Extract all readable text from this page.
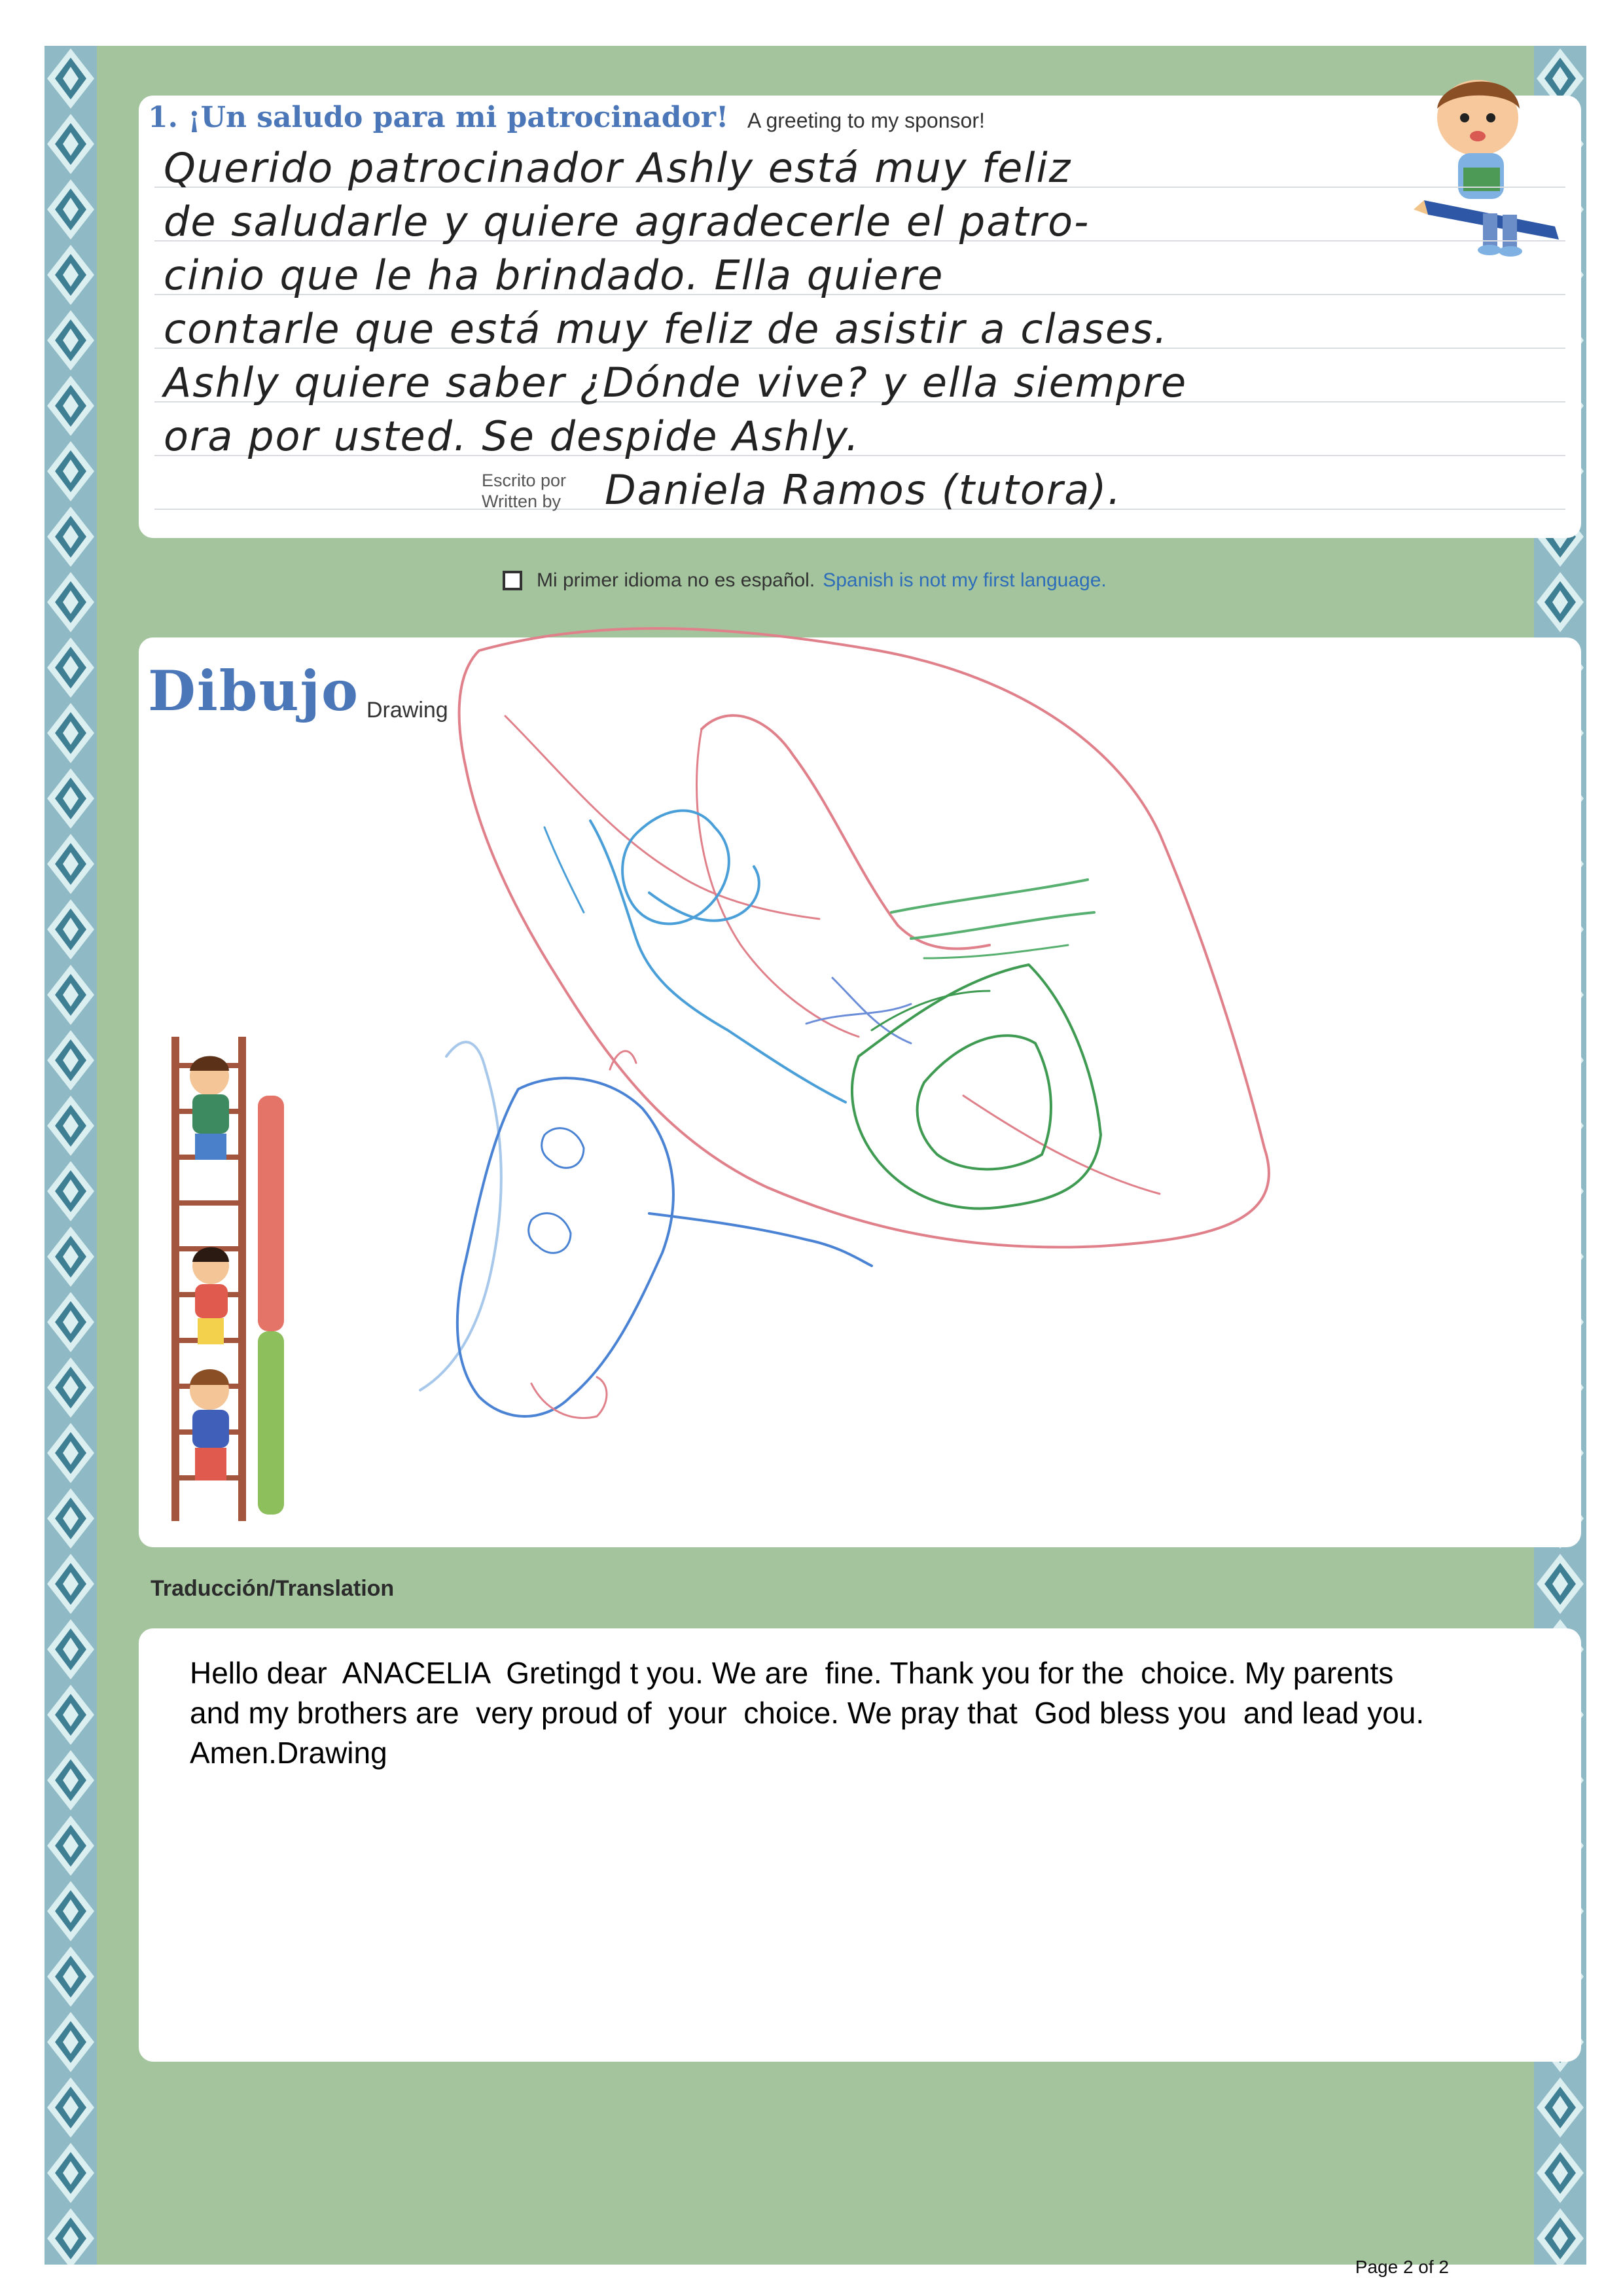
1. ¡Un saludo para mi patrocinador! A greeting to my sponsor!
Querido patrocinador Ashly está muy feliz
de saludarle y quiere agradecerle el patro-
cinio que le ha brindado. Ella quiere
contarle que está muy feliz de asistir a clases.
Ashly quiere saber ¿Dónde vive? y ella siempre
ora por usted. Se despide Ashly.
Daniela Ramos (tutora).
Escrito por
Written by
Mi primer idioma no es español. Spanish is not my first language.
Dibujo Drawing
Traducción/Translation
Hello dear  ANACELIA  Gretingd t you. We are  fine. Thank you for the  choice. My parents
and my brothers are  very proud of  your  choice. We pray that  God bless you  and lead you.
Amen.Drawing
Page 2 of 2
